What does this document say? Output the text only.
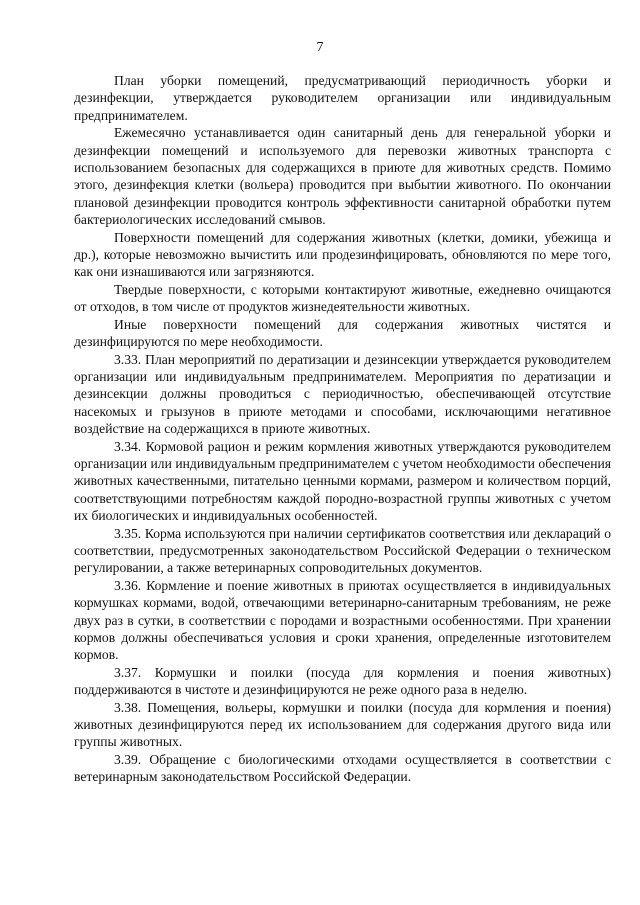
7

План уборки помещений, предусматривающий периодичность уборки и дезинфекции, утверждается руководителем организации или индивидуальным предпринимателем.

Ежемесячно устанавливается один санитарный день для генеральной уборки и дезинфекции помещений и используемого для перевозки животных транспорта с использованием безопасных для содержащихся в приюте для животных средств. Помимо этого, дезинфекция клетки (вольера) проводится при выбытии животного. По окончании плановой дезинфекции проводится контроль эффективности санитарной обработки путем бактериологических исследований смывов.

Поверхности помещений для содержания животных (клетки, домики, убежища и др.), которые невозможно вычистить или продезинфицировать, обновляются по мере того, как они изнашиваются или загрязняются.

Твердые поверхности, с которыми контактируют животные, ежедневно очищаются от отходов, в том числе от продуктов жизнедеятельности животных.

Иные поверхности помещений для содержания животных чистятся и дезинфицируются по мере необходимости.

3.33. План мероприятий по дератизации и дезинсекции утверждается руководителем организации или индивидуальным предпринимателем. Мероприятия по дератизации и дезинсекции должны проводиться с периодичностью, обеспечивающей отсутствие насекомых и грызунов в приюте методами и способами, исключающими негативное воздействие на содержащихся в приюте животных.

3.34. Кормовой рацион и режим кормления животных утверждаются руководителем организации или индивидуальным предпринимателем с учетом необходимости обеспечения животных качественными, питательно ценными кормами, размером и количеством порций, соответствующими потребностям каждой породно-возрастной группы животных с учетом их биологических и индивидуальных особенностей.

3.35. Корма используются при наличии сертификатов соответствия или деклараций о соответствии, предусмотренных законодательством Российской Федерации о техническом регулировании, а также ветеринарных сопроводительных документов.

3.36. Кормление и поение животных в приютах осуществляется в индивидуальных кормушках кормами, водой, отвечающими ветеринарно-санитарным требованиям, не реже двух раз в сутки, в соответствии с породами и возрастными особенностями. При хранении кормов должны обеспечиваться условия и сроки хранения, определенные изготовителем кормов.

3.37. Кормушки и поилки (посуда для кормления и поения животных) поддерживаются в чистоте и дезинфицируются не реже одного раза в неделю.

3.38. Помещения, вольеры, кормушки и поилки (посуда для кормления и поения) животных дезинфицируются перед их использованием для содержания другого вида или группы животных.

3.39. Обращение с биологическими отходами осуществляется в соответствии с ветеринарным законодательством Российской Федерации.
